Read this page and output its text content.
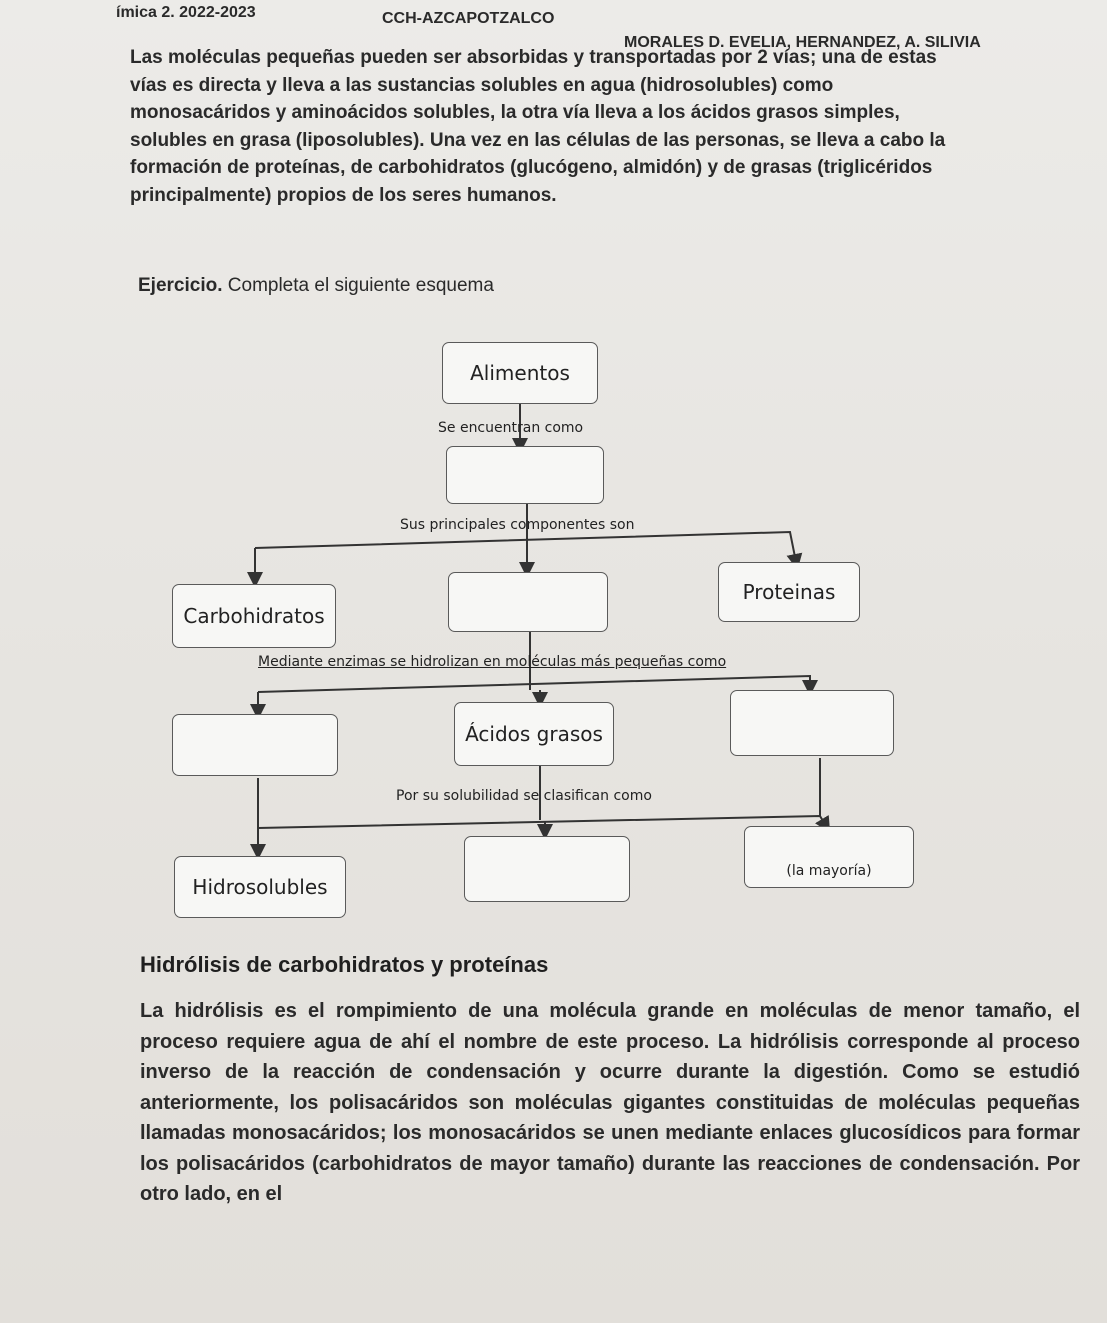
ímica 2. 2022-2023	CCH-AZCAPOTZALCO
MORALES D. EVELIA, HERNANDEZ, A. SILIVIA
Las moléculas pequeñas pueden ser absorbidas y transportadas por 2 vías; una de estas vías es directa y lleva a las sustancias solubles en agua (hidrosolubles) como monosacáridos y aminoácidos solubles, la otra vía lleva a los ácidos grasos simples, solubles en grasa (liposolubles). Una vez en las células de las personas, se lleva a cabo la formación de proteínas, de carbohidratos (glucógeno, almidón) y de grasas (triglicéridos principalmente) propios de los seres humanos.
Ejercicio. Completa el siguiente esquema
Alimentos
Se encuentran como
Sus principales componentes son
Carbohidratos
Proteinas
Mediante enzimas se hidrolizan en moléculas más pequeñas como
Ácidos grasos
Por su solubilidad se clasifican como
Hidrosolubles
(la mayoría)
Hidrólisis de carbohidratos y proteínas
La hidrólisis es el rompimiento de una molécula grande en moléculas de menor tamaño, el proceso requiere agua de ahí el nombre de este proceso. La hidrólisis corresponde al proceso inverso de la reacción de condensación y ocurre durante la digestión. Como se estudió anteriormente, los polisacáridos son moléculas gigantes constituidas de moléculas pequeñas llamadas monosacáridos; los monosacáridos se unen mediante enlaces glucosídicos para formar los polisacáridos (carbohidratos de mayor tamaño) durante las reacciones de condensación. Por otro lado, en el
